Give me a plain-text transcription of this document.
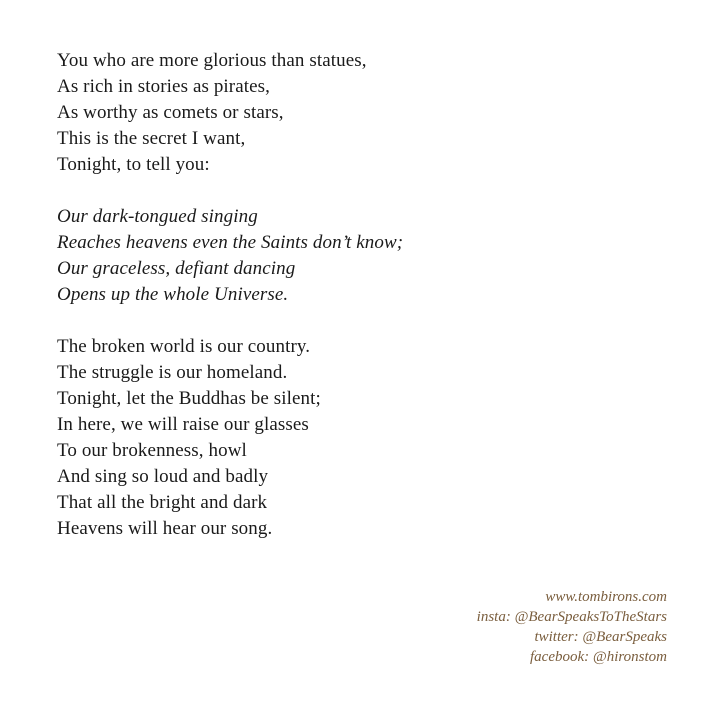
You who are more glorious than statues,
As rich in stories as pirates,
As worthy as comets or stars,
This is the secret I want,
Tonight, to tell you:
Our dark-tongued singing
Reaches heavens even the Saints don’t know;
Our graceless, defiant dancing
Opens up the whole Universe.
The broken world is our country.
The struggle is our homeland.
Tonight, let the Buddhas be silent;
In here, we will raise our glasses
To our brokenness, howl
And sing so loud and badly
That all the bright and dark
Heavens will hear our song.
www.tombirons.com
insta: @BearSpeaksToTheStars
twitter: @BearSpeaks
facebook: @hironstom
